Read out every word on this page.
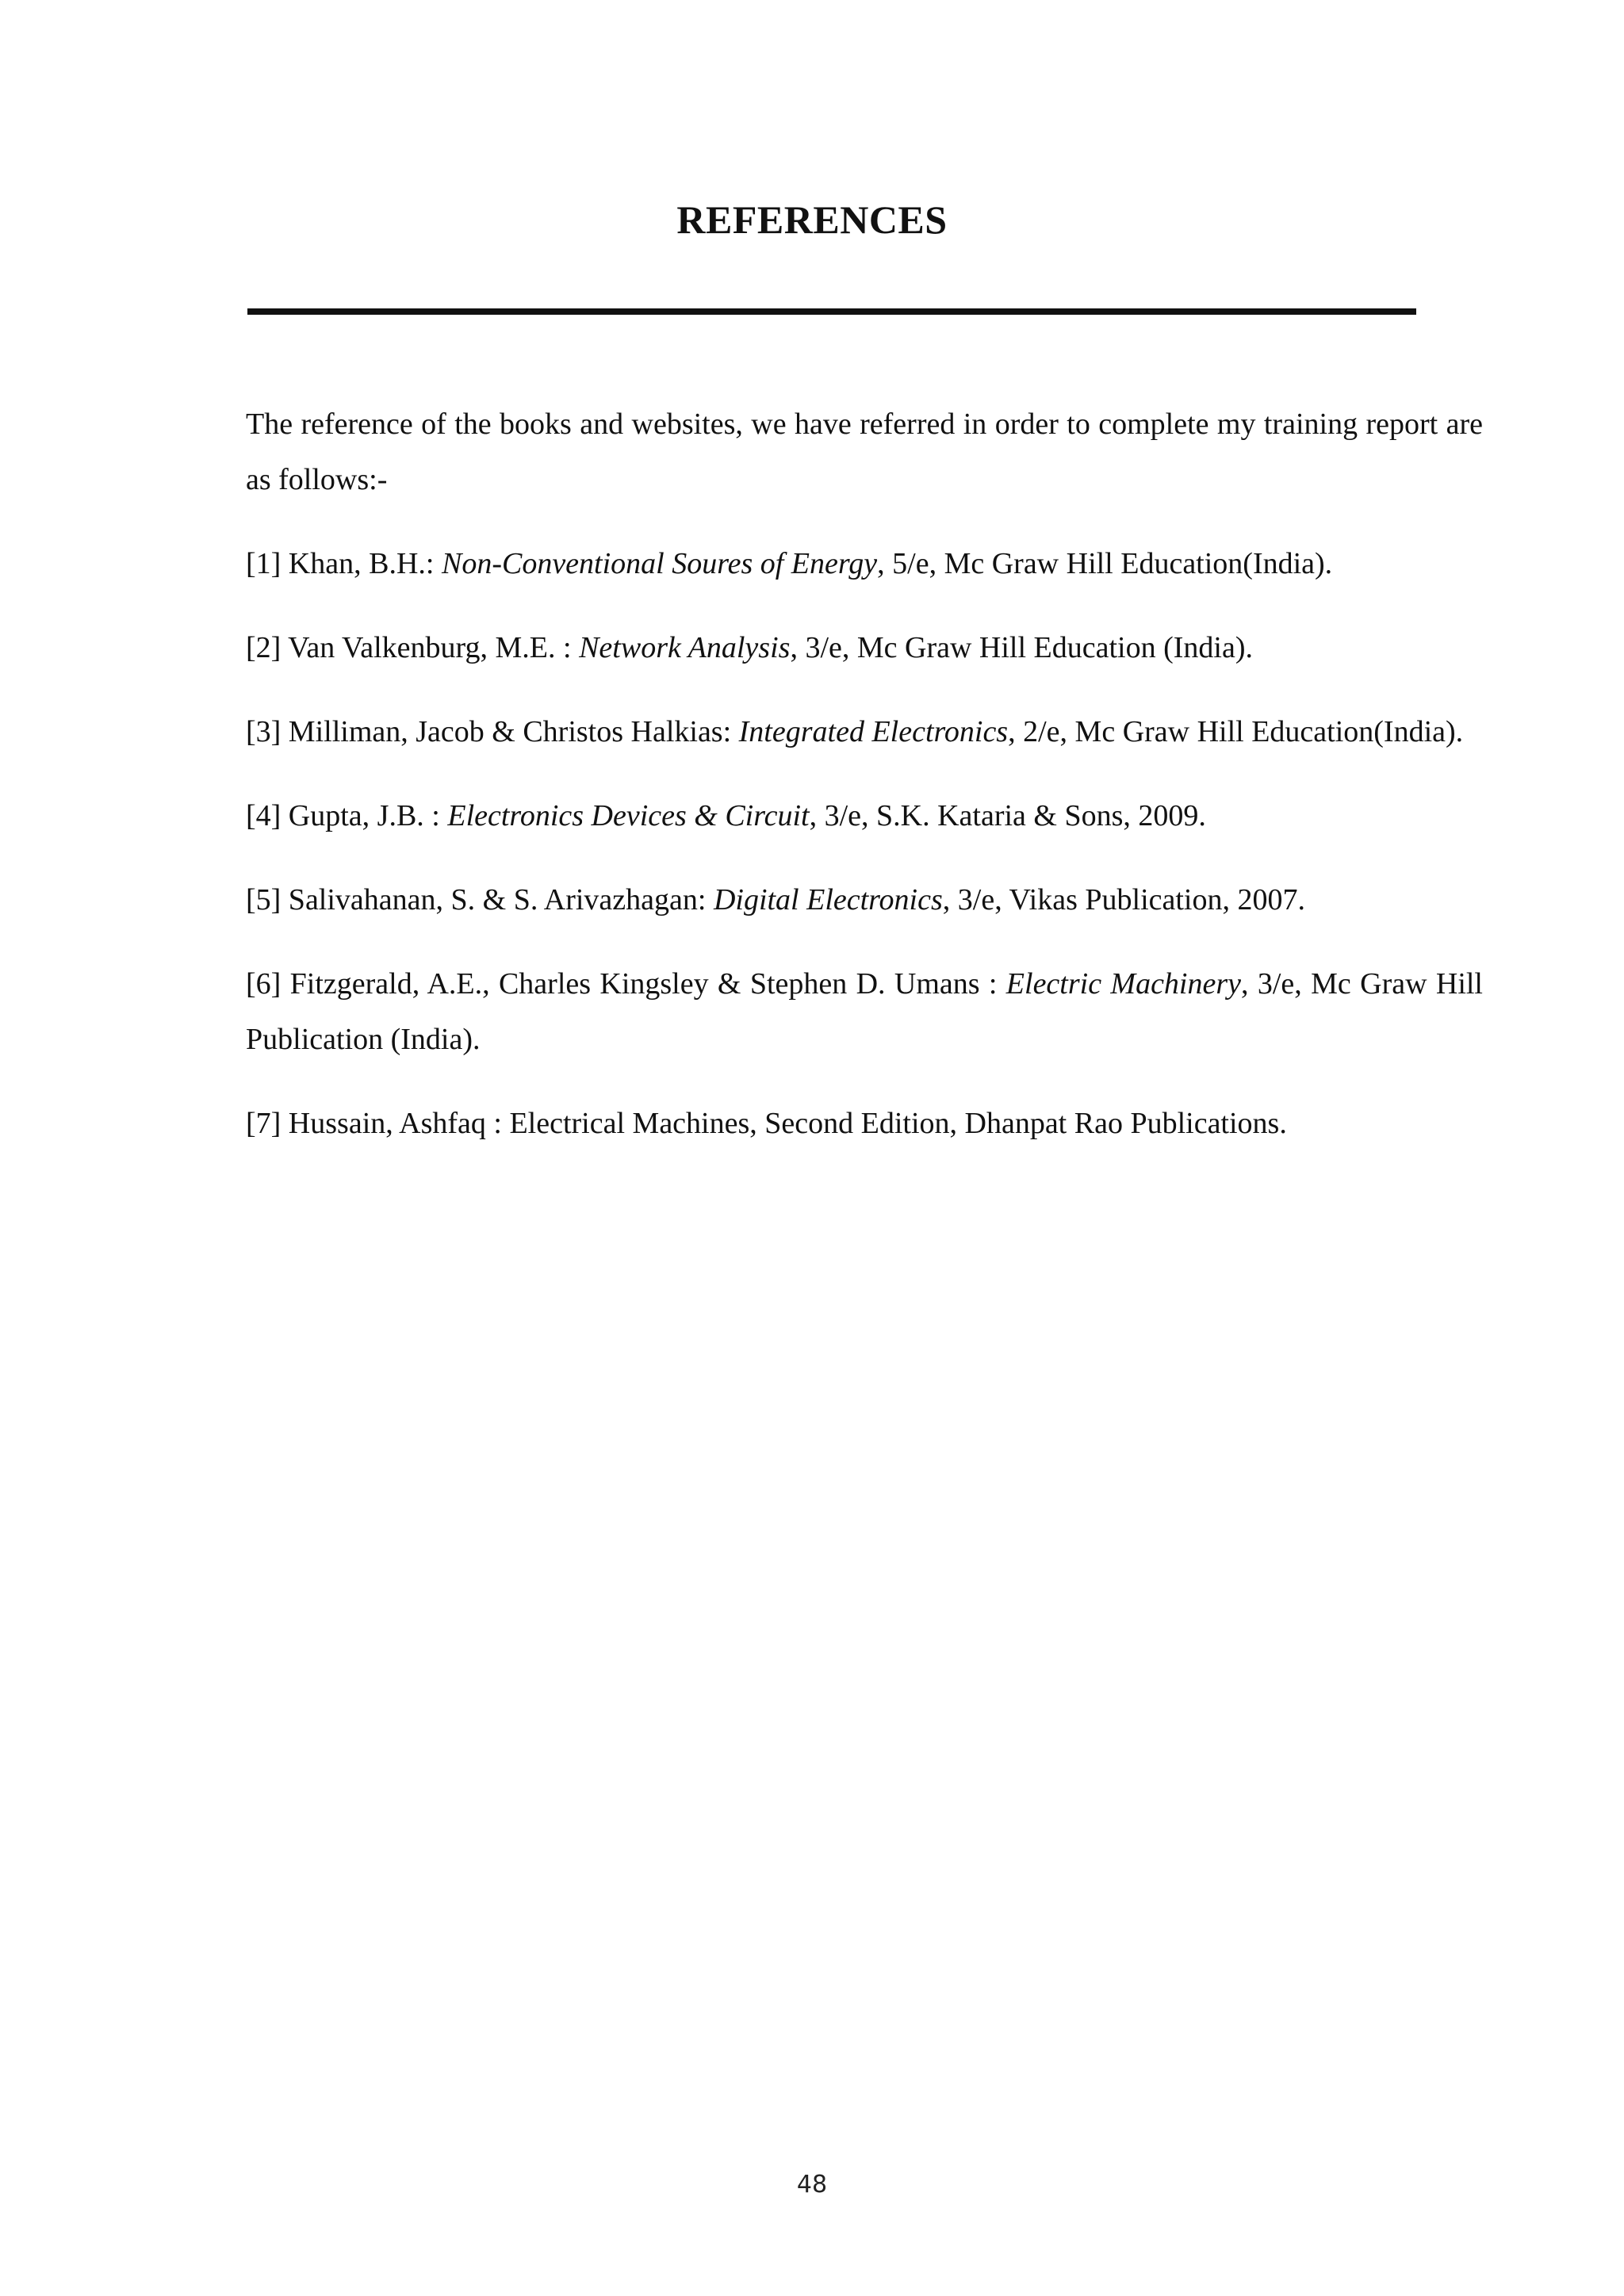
REFERENCES

The reference of the books and websites, we have referred in order to complete my training report are as follows:-

[1] Khan, B.H.: Non-Conventional Soures of Energy, 5/e, Mc Graw Hill Education(India).

[2] Van Valkenburg, M.E. : Network Analysis, 3/e, Mc Graw Hill Education (India).

[3] Milliman, Jacob & Christos Halkias: Integrated Electronics, 2/e, Mc Graw Hill Education(India).

[4] Gupta, J.B. : Electronics Devices & Circuit, 3/e, S.K. Kataria & Sons, 2009.

[5] Salivahanan, S. & S. Arivazhagan: Digital Electronics, 3/e, Vikas Publication, 2007.

[6] Fitzgerald, A.E., Charles Kingsley & Stephen D. Umans : Electric Machinery, 3/e, Mc Graw Hill Publication (India).

[7] Hussain, Ashfaq : Electrical Machines, Second Edition, Dhanpat Rao Publications.

48
